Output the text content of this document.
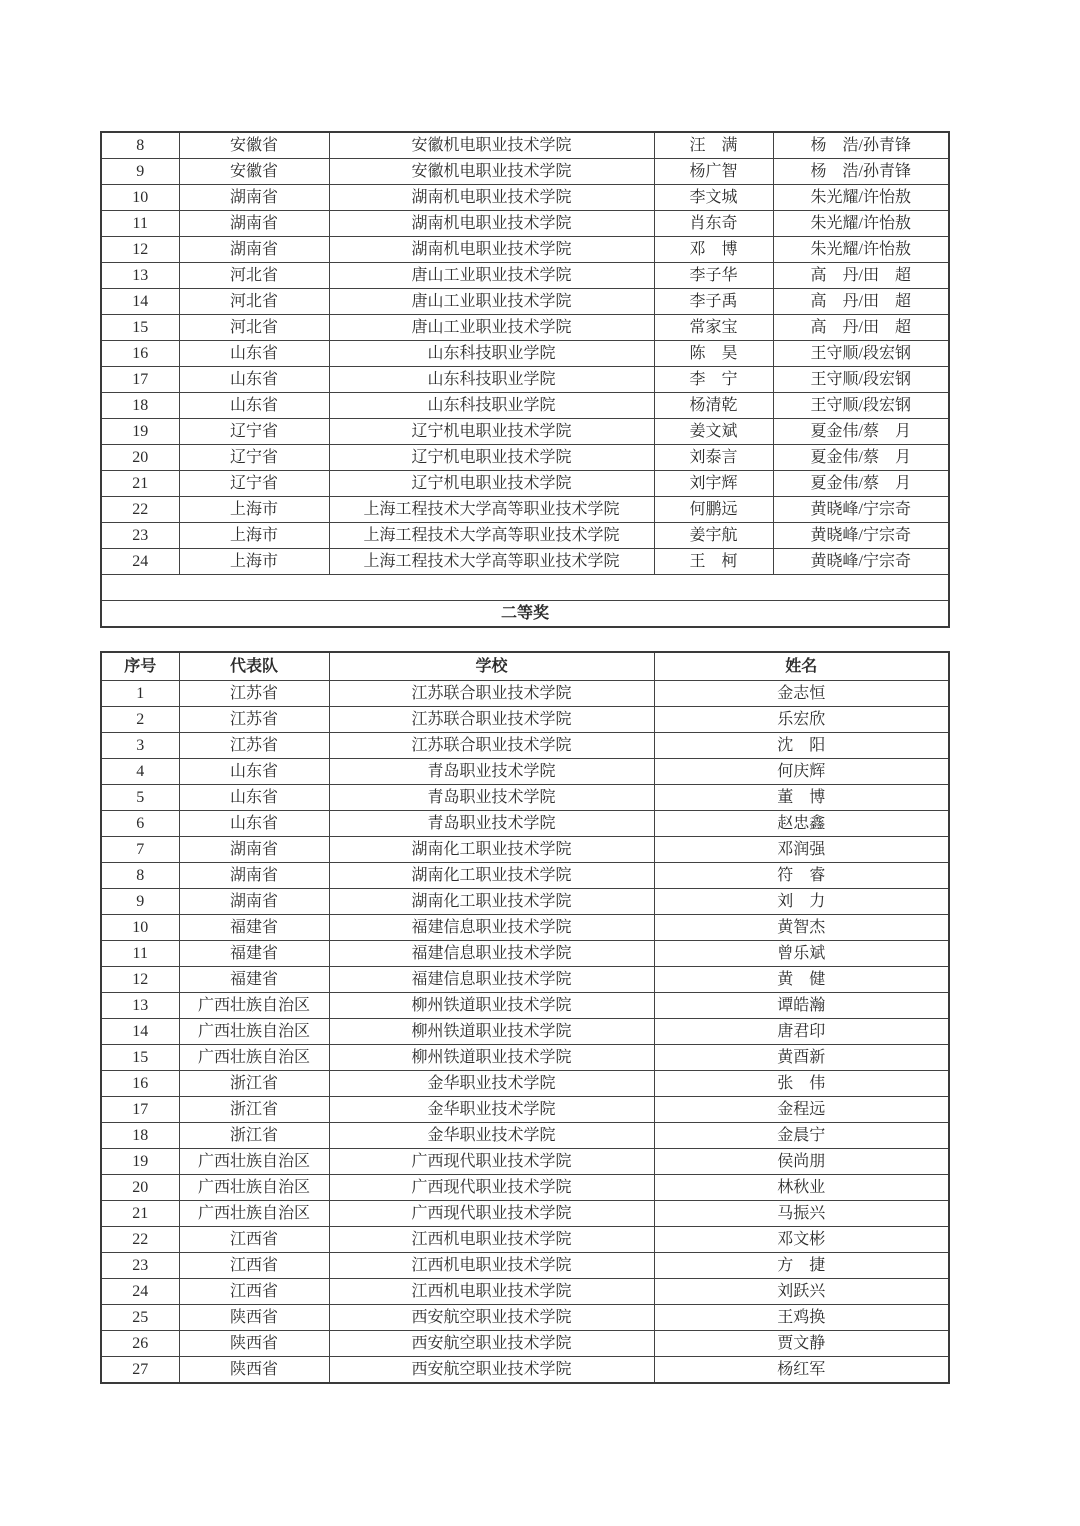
8	安徽省	安徽机电职业技术学院	汪　满	杨　浩/孙青锋
9	安徽省	安徽机电职业技术学院	杨广智	杨　浩/孙青锋
10	湖南省	湖南机电职业技术学院	李文城	朱光耀/许怡敖
11	湖南省	湖南机电职业技术学院	肖东奇	朱光耀/许怡敖
12	湖南省	湖南机电职业技术学院	邓　博	朱光耀/许怡敖
13	河北省	唐山工业职业技术学院	李子华	高　丹/田　超
14	河北省	唐山工业职业技术学院	李子禹	高　丹/田　超
15	河北省	唐山工业职业技术学院	常家宝	高　丹/田　超
16	山东省	山东科技职业学院	陈　昊	王守顺/段宏钢
17	山东省	山东科技职业学院	李　宁	王守顺/段宏钢
18	山东省	山东科技职业学院	杨清乾	王守顺/段宏钢
19	辽宁省	辽宁机电职业技术学院	姜文斌	夏金伟/蔡　月
20	辽宁省	辽宁机电职业技术学院	刘泰言	夏金伟/蔡　月
21	辽宁省	辽宁机电职业技术学院	刘宇辉	夏金伟/蔡　月
22	上海市	上海工程技术大学高等职业技术学院	何鹏远	黄晓峰/宁宗奇
23	上海市	上海工程技术大学高等职业技术学院	姜宇航	黄晓峰/宁宗奇
24	上海市	上海工程技术大学高等职业技术学院	王　柯	黄晓峰/宁宗奇

二等奖				
序号	代表队	学校	姓名
1	江苏省	江苏联合职业技术学院	金志恒
2	江苏省	江苏联合职业技术学院	乐宏欣
3	江苏省	江苏联合职业技术学院	沈　阳
4	山东省	青岛职业技术学院	何庆辉
5	山东省	青岛职业技术学院	董　博
6	山东省	青岛职业技术学院	赵忠鑫
7	湖南省	湖南化工职业技术学院	邓润强
8	湖南省	湖南化工职业技术学院	符　睿
9	湖南省	湖南化工职业技术学院	刘　力
10	福建省	福建信息职业技术学院	黄智杰
11	福建省	福建信息职业技术学院	曾乐斌
12	福建省	福建信息职业技术学院	黄　健
13	广西壮族自治区	柳州铁道职业技术学院	谭皓瀚
14	广西壮族自治区	柳州铁道职业技术学院	唐君印
15	广西壮族自治区	柳州铁道职业技术学院	黄酉新
16	浙江省	金华职业技术学院	张　伟
17	浙江省	金华职业技术学院	金程远
18	浙江省	金华职业技术学院	金晨宁
19	广西壮族自治区	广西现代职业技术学院	侯尚朋
20	广西壮族自治区	广西现代职业技术学院	林秋业
21	广西壮族自治区	广西现代职业技术学院	马振兴
22	江西省	江西机电职业技术学院	邓文彬
23	江西省	江西机电职业技术学院	方　捷
24	江西省	江西机电职业技术学院	刘跃兴
25	陕西省	西安航空职业技术学院	王鸡换
26	陕西省	西安航空职业技术学院	贾文静
27	陕西省	西安航空职业技术学院	杨红军
